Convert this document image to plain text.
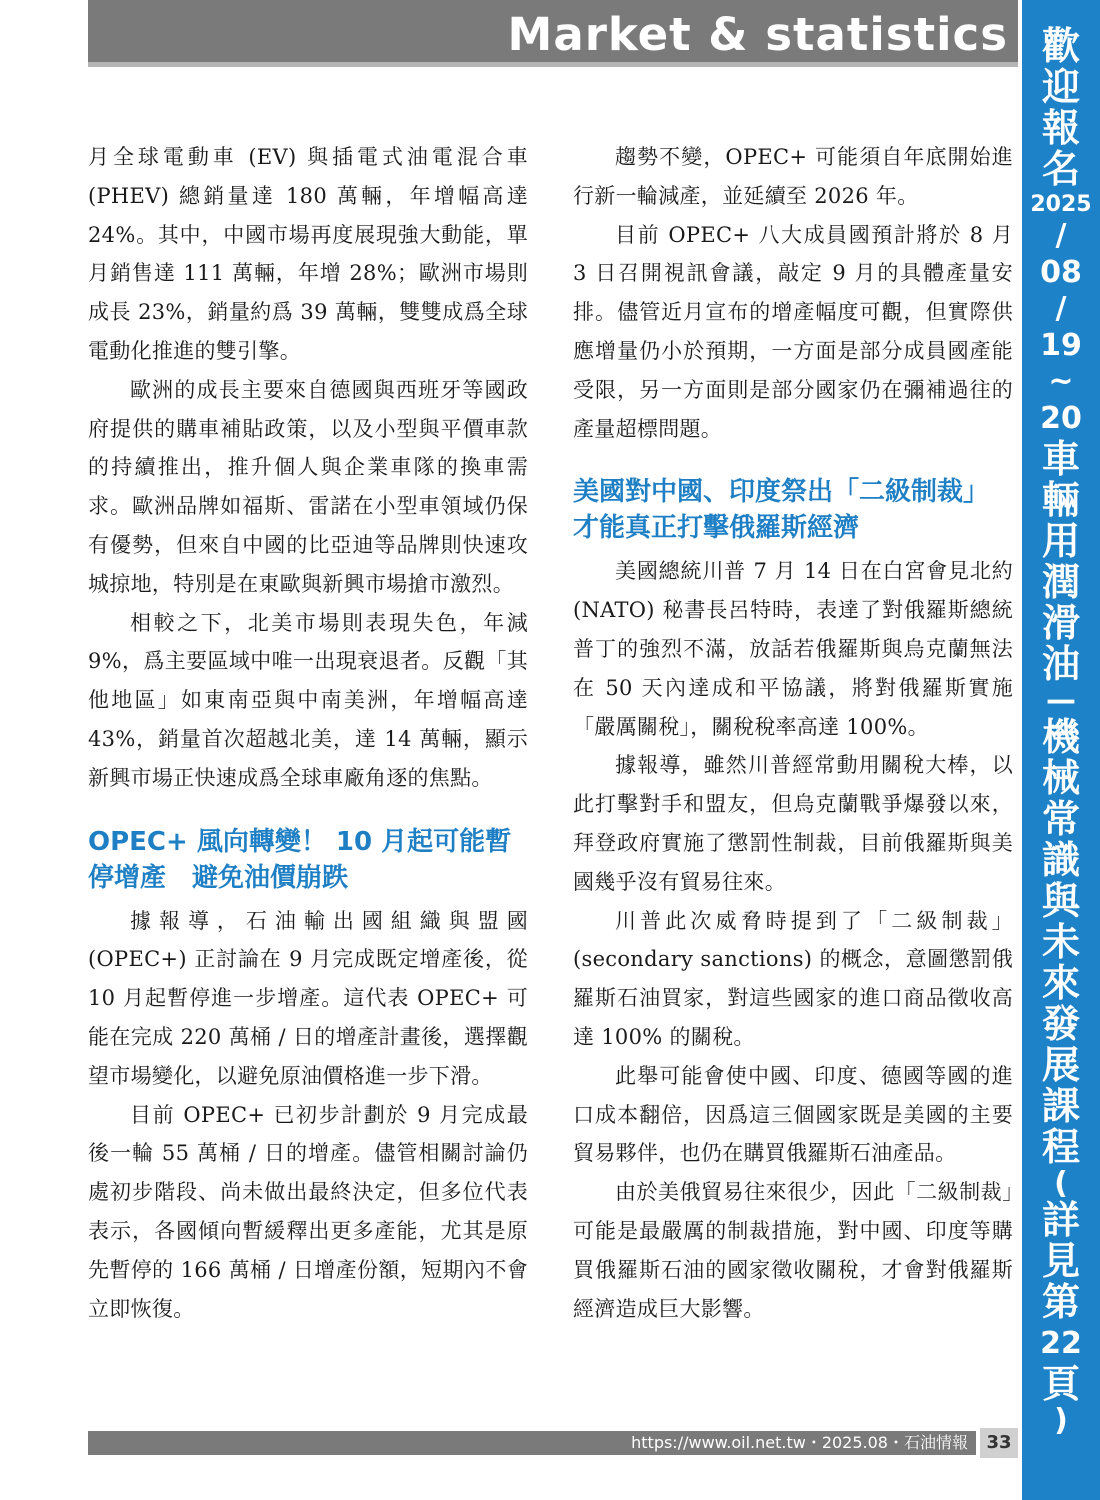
Market & statistics 歡
迎
報
名
2025
/
08
/
19
~
20
車
輛
用
潤
滑
油
—
機
械
常
識
與
未
來
發
展
課
程
(
詳
見
第
22
頁
)

月全球電動車 (EV) 與插電式油電混合車 (PHEV) 總銷量達 180 萬輛，年增幅高達 24%。其中，中國市場再度展現強大動能，單月銷售達 111 萬輛，年增 28%；歐洲市場則成長 23%，銷量約爲 39 萬輛，雙雙成爲全球電動化推進的雙引擎。

歐洲的成長主要來自德國與西班牙等國政府提供的購車補貼政策，以及小型與平價車款的持續推出，推升個人與企業車隊的換車需求。歐洲品牌如福斯、雷諾在小型車領域仍保有優勢，但來自中國的比亞迪等品牌則快速攻城掠地，特別是在東歐與新興市場搶市激烈。

相較之下，北美市場則表現失色，年減 9%，爲主要區域中唯一出現衰退者。反觀「其他地區」如東南亞與中南美洲，年增幅高達 43%，銷量首次超越北美，達 14 萬輛，顯示新興市場正快速成爲全球車廠角逐的焦點。

OPEC+ 風向轉變！ 10 月起可能暫停增產　避免油價崩跌

據報導，石油輸出國組織與盟國 (OPEC+) 正討論在 9 月完成既定增產後，從 10 月起暫停進一步增產。這代表 OPEC+ 可能在完成 220 萬桶 / 日的增產計畫後，選擇觀望市場變化，以避免原油價格進一步下滑。

目前 OPEC+ 已初步計劃於 9 月完成最後一輪 55 萬桶 / 日的增產。儘管相關討論仍處初步階段、尚未做出最終決定，但多位代表表示，各國傾向暫緩釋出更多產能，尤其是原先暫停的 166 萬桶 / 日增產份額，短期內不會立即恢復。

趨勢不變，OPEC+ 可能須自年底開始進行新一輪減產，並延續至 2026 年。

目前 OPEC+ 八大成員國預計將於 8 月 3 日召開視訊會議，敲定 9 月的具體產量安排。儘管近月宣布的增產幅度可觀，但實際供應增量仍小於預期，一方面是部分成員國產能受限，另一方面則是部分國家仍在彌補過往的產量超標問題。

美國對中國、印度祭出「二級制裁」才能真正打擊俄羅斯經濟

美國總統川普 7 月 14 日在白宮會見北約 (NATO) 秘書長呂特時，表達了對俄羅斯總統普丁的強烈不滿，放話若俄羅斯與烏克蘭無法在 50 天內達成和平協議，將對俄羅斯實施「嚴厲關稅」，關稅稅率高達 100%。

據報導，雖然川普經常動用關稅大棒，以此打擊對手和盟友，但烏克蘭戰爭爆發以來，拜登政府實施了懲罰性制裁，目前俄羅斯與美國幾乎沒有貿易往來。

川普此次威脅時提到了「二級制裁」(secondary sanctions) 的概念，意圖懲罰俄羅斯石油買家，對這些國家的進口商品徵收高達 100% 的關稅。

此舉可能會使中國、印度、德國等國的進口成本翻倍，因爲這三個國家既是美國的主要貿易夥伴，也仍在購買俄羅斯石油產品。

由於美俄貿易往來很少，因此「二級制裁」可能是最嚴厲的制裁措施，對中國、印度等購買俄羅斯石油的國家徵收關稅，才會對俄羅斯經濟造成巨大影響。

https://www.oil.net.tw・2025.08・石油情報	33
